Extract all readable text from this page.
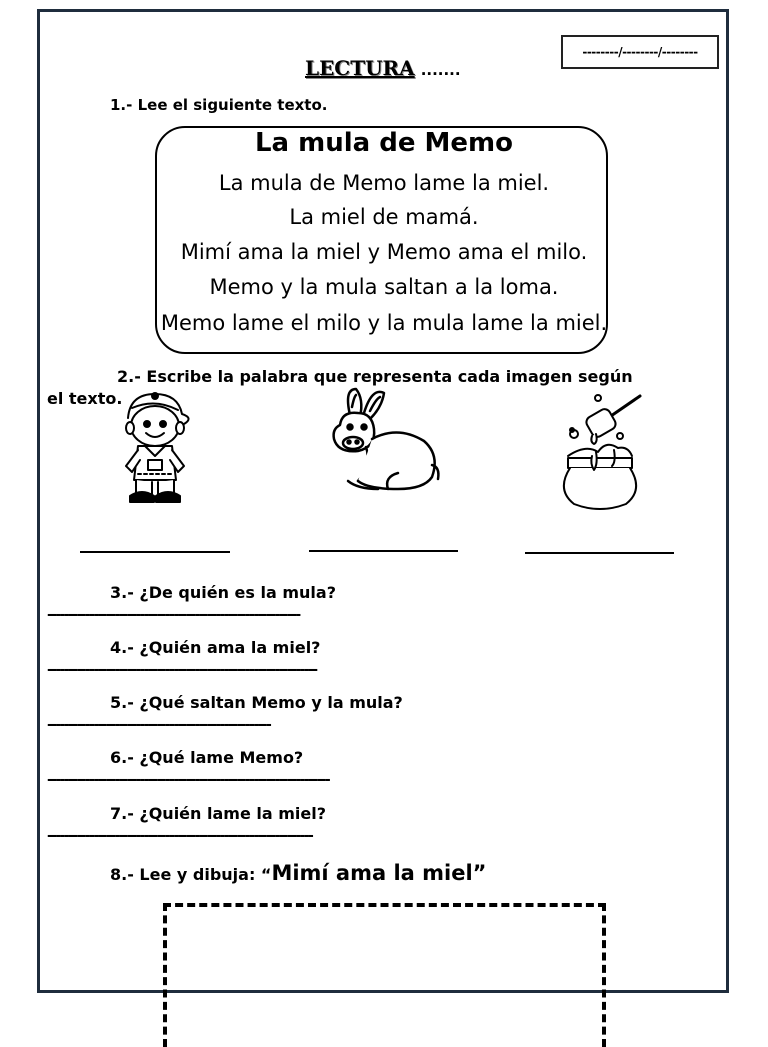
--------/--------/--------
LECTURA .......
1.- Lee el siguiente texto.
La mula de Memo
La mula de Memo lame la miel.
La miel de mamá.
Mimí ama la miel y Memo ama el milo.
Memo y la mula saltan a la loma.
Memo lame el milo y la mula lame la miel.
2.- Escribe la palabra que representa cada imagen según
el texto.
3.- ¿De quién es la mula?
------------------------------------------------------------
4.- ¿Quién ama la miel?
----------------------------------------------------------------
5.- ¿Qué saltan Memo y la mula?
-----------------------------------------------------
6.- ¿Qué lame Memo?
-------------------------------------------------------------------
7.- ¿Quién lame la miel?
---------------------------------------------------------------
8.- Lee y dibuja: “Mimí ama la miel”
